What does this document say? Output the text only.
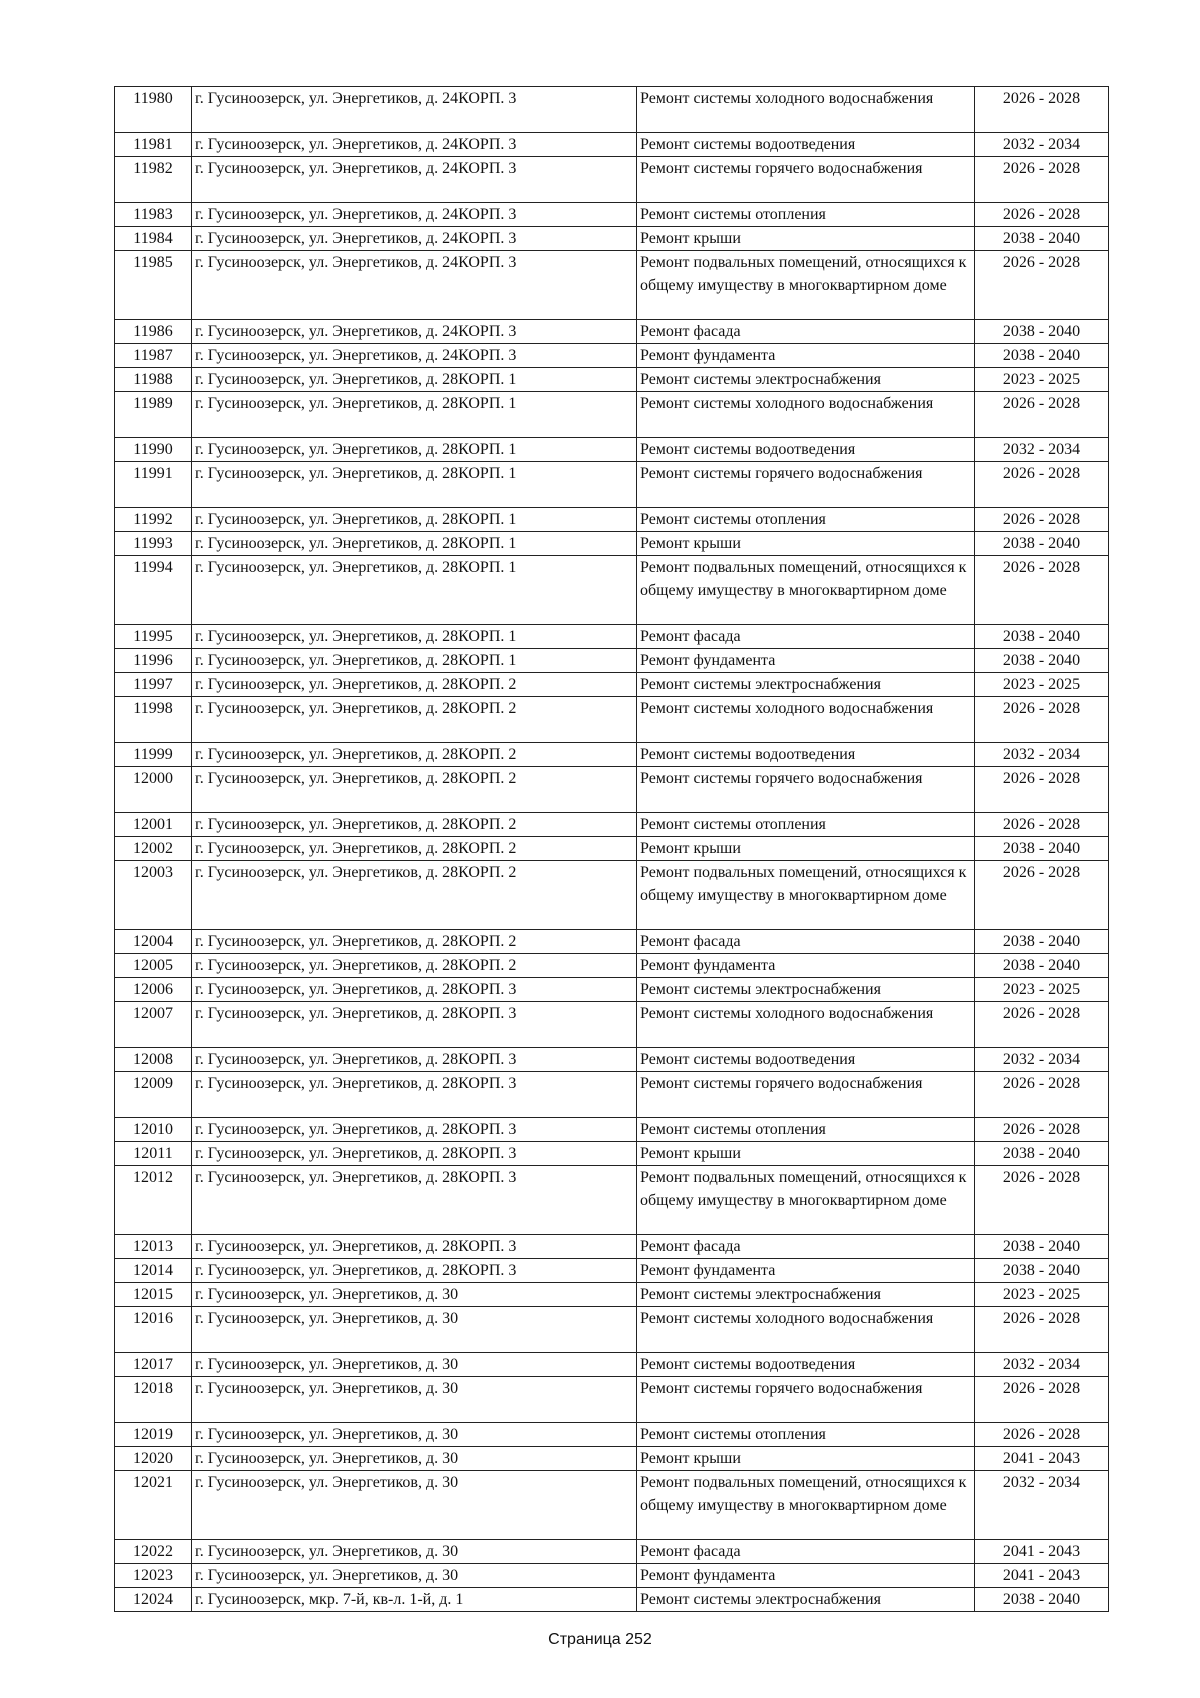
11980	г. Гусиноозерск, ул. Энергетиков, д. 24КОРП. 3	Ремонт системы холодного водоснабжения	2026 - 2028
11981	г. Гусиноозерск, ул. Энергетиков, д. 24КОРП. 3	Ремонт системы водоотведения	2032 - 2034
11982	г. Гусиноозерск, ул. Энергетиков, д. 24КОРП. 3	Ремонт системы горячего водоснабжения	2026 - 2028
11983	г. Гусиноозерск, ул. Энергетиков, д. 24КОРП. 3	Ремонт системы отопления	2026 - 2028
11984	г. Гусиноозерск, ул. Энергетиков, д. 24КОРП. 3	Ремонт крыши	2038 - 2040
11985	г. Гусиноозерск, ул. Энергетиков, д. 24КОРП. 3	Ремонт подвальных помещений, относящихся к общему имуществу в многоквартирном доме	2026 - 2028
11986	г. Гусиноозерск, ул. Энергетиков, д. 24КОРП. 3	Ремонт фасада	2038 - 2040
11987	г. Гусиноозерск, ул. Энергетиков, д. 24КОРП. 3	Ремонт фундамента	2038 - 2040
11988	г. Гусиноозерск, ул. Энергетиков, д. 28КОРП. 1	Ремонт системы электроснабжения	2023 - 2025
11989	г. Гусиноозерск, ул. Энергетиков, д. 28КОРП. 1	Ремонт системы холодного водоснабжения	2026 - 2028
11990	г. Гусиноозерск, ул. Энергетиков, д. 28КОРП. 1	Ремонт системы водоотведения	2032 - 2034
11991	г. Гусиноозерск, ул. Энергетиков, д. 28КОРП. 1	Ремонт системы горячего водоснабжения	2026 - 2028
11992	г. Гусиноозерск, ул. Энергетиков, д. 28КОРП. 1	Ремонт системы отопления	2026 - 2028
11993	г. Гусиноозерск, ул. Энергетиков, д. 28КОРП. 1	Ремонт крыши	2038 - 2040
11994	г. Гусиноозерск, ул. Энергетиков, д. 28КОРП. 1	Ремонт подвальных помещений, относящихся к общему имуществу в многоквартирном доме	2026 - 2028
11995	г. Гусиноозерск, ул. Энергетиков, д. 28КОРП. 1	Ремонт фасада	2038 - 2040
11996	г. Гусиноозерск, ул. Энергетиков, д. 28КОРП. 1	Ремонт фундамента	2038 - 2040
11997	г. Гусиноозерск, ул. Энергетиков, д. 28КОРП. 2	Ремонт системы электроснабжения	2023 - 2025
11998	г. Гусиноозерск, ул. Энергетиков, д. 28КОРП. 2	Ремонт системы холодного водоснабжения	2026 - 2028
11999	г. Гусиноозерск, ул. Энергетиков, д. 28КОРП. 2	Ремонт системы водоотведения	2032 - 2034
12000	г. Гусиноозерск, ул. Энергетиков, д. 28КОРП. 2	Ремонт системы горячего водоснабжения	2026 - 2028
12001	г. Гусиноозерск, ул. Энергетиков, д. 28КОРП. 2	Ремонт системы отопления	2026 - 2028
12002	г. Гусиноозерск, ул. Энергетиков, д. 28КОРП. 2	Ремонт крыши	2038 - 2040
12003	г. Гусиноозерск, ул. Энергетиков, д. 28КОРП. 2	Ремонт подвальных помещений, относящихся к общему имуществу в многоквартирном доме	2026 - 2028
12004	г. Гусиноозерск, ул. Энергетиков, д. 28КОРП. 2	Ремонт фасада	2038 - 2040
12005	г. Гусиноозерск, ул. Энергетиков, д. 28КОРП. 2	Ремонт фундамента	2038 - 2040
12006	г. Гусиноозерск, ул. Энергетиков, д. 28КОРП. 3	Ремонт системы электроснабжения	2023 - 2025
12007	г. Гусиноозерск, ул. Энергетиков, д. 28КОРП. 3	Ремонт системы холодного водоснабжения	2026 - 2028
12008	г. Гусиноозерск, ул. Энергетиков, д. 28КОРП. 3	Ремонт системы водоотведения	2032 - 2034
12009	г. Гусиноозерск, ул. Энергетиков, д. 28КОРП. 3	Ремонт системы горячего водоснабжения	2026 - 2028
12010	г. Гусиноозерск, ул. Энергетиков, д. 28КОРП. 3	Ремонт системы отопления	2026 - 2028
12011	г. Гусиноозерск, ул. Энергетиков, д. 28КОРП. 3	Ремонт крыши	2038 - 2040
12012	г. Гусиноозерск, ул. Энергетиков, д. 28КОРП. 3	Ремонт подвальных помещений, относящихся к общему имуществу в многоквартирном доме	2026 - 2028
12013	г. Гусиноозерск, ул. Энергетиков, д. 28КОРП. 3	Ремонт фасада	2038 - 2040
12014	г. Гусиноозерск, ул. Энергетиков, д. 28КОРП. 3	Ремонт фундамента	2038 - 2040
12015	г. Гусиноозерск, ул. Энергетиков, д. 30	Ремонт системы электроснабжения	2023 - 2025
12016	г. Гусиноозерск, ул. Энергетиков, д. 30	Ремонт системы холодного водоснабжения	2026 - 2028
12017	г. Гусиноозерск, ул. Энергетиков, д. 30	Ремонт системы водоотведения	2032 - 2034
12018	г. Гусиноозерск, ул. Энергетиков, д. 30	Ремонт системы горячего водоснабжения	2026 - 2028
12019	г. Гусиноозерск, ул. Энергетиков, д. 30	Ремонт системы отопления	2026 - 2028
12020	г. Гусиноозерск, ул. Энергетиков, д. 30	Ремонт крыши	2041 - 2043
12021	г. Гусиноозерск, ул. Энергетиков, д. 30	Ремонт подвальных помещений, относящихся к общему имуществу в многоквартирном доме	2032 - 2034
12022	г. Гусиноозерск, ул. Энергетиков, д. 30	Ремонт фасада	2041 - 2043
12023	г. Гусиноозерск, ул. Энергетиков, д. 30	Ремонт фундамента	2041 - 2043
12024	г. Гусиноозерск, мкр. 7-й, кв-л. 1-й, д. 1	Ремонт системы электроснабжения	2038 - 2040
Страница 252
